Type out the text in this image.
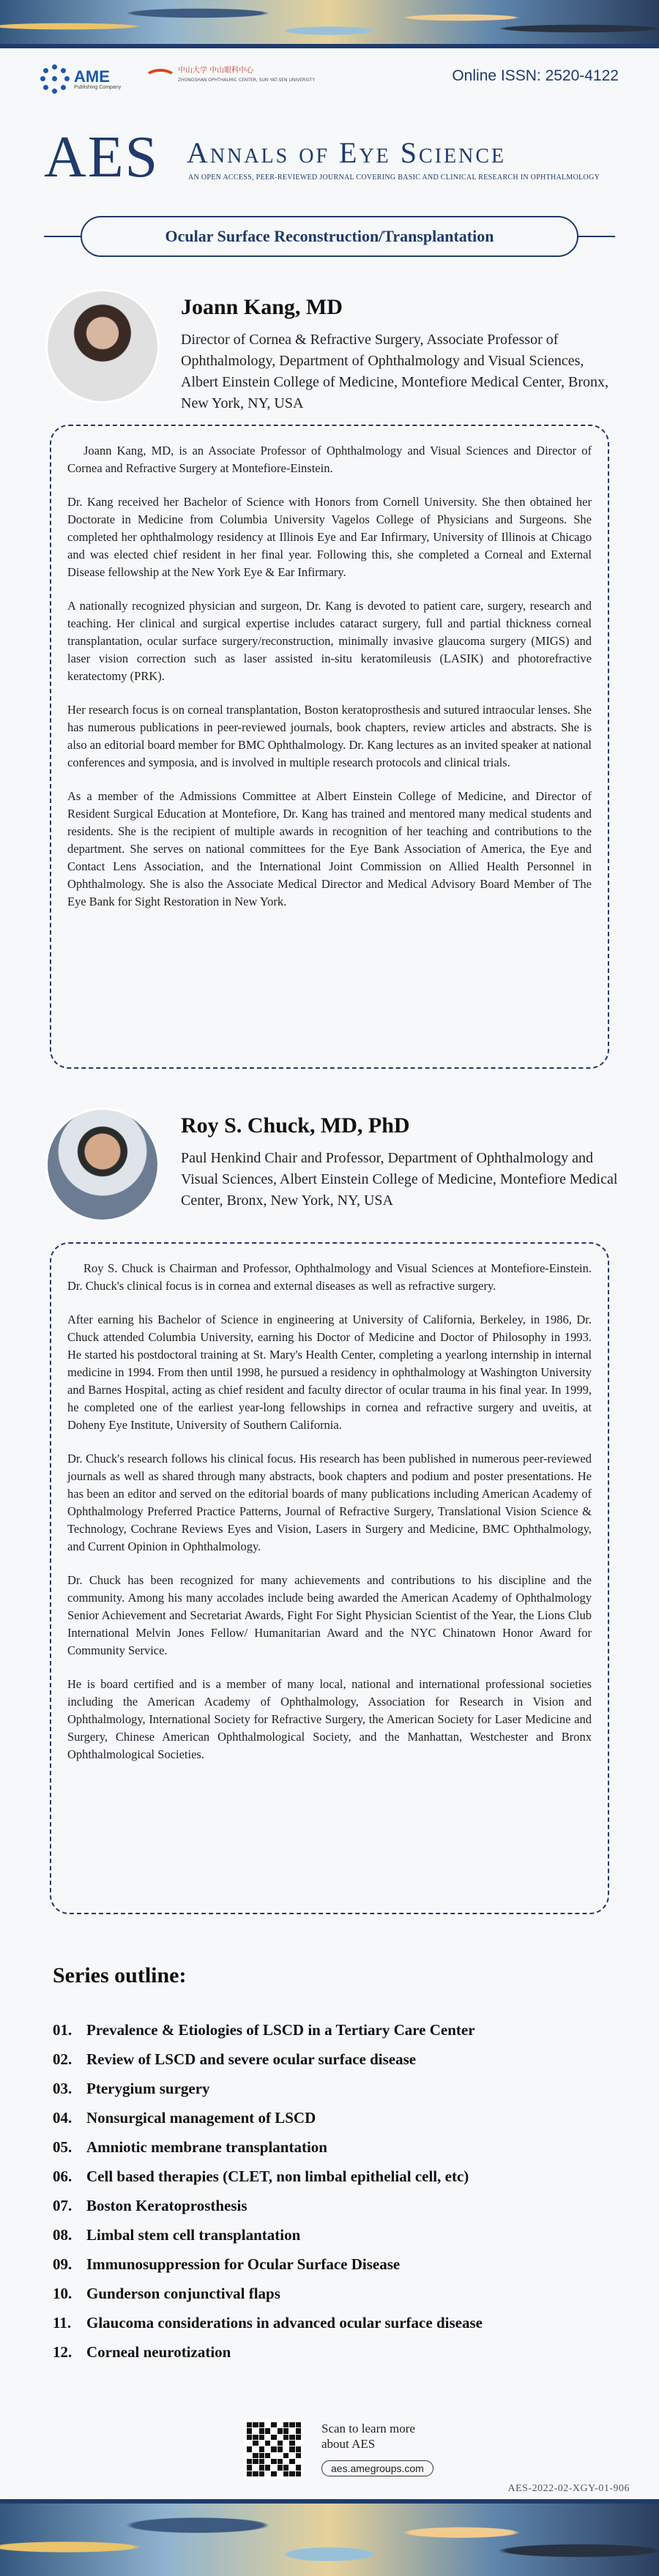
AME
Publishing Company
中山大学 中山眼科中心
ZHONGSHAN OPHTHALMIC CENTER, SUN YAT-SEN UNIVERSITY	Online ISSN: 2520-4122
AES Annals of Eye Science
AN OPEN ACCESS, PEER-REVIEWED JOURNAL COVERING BASIC AND CLINICAL RESEARCH IN OPHTHALMOLOGY
Ocular Surface Reconstruction/Transplantation
Joann Kang, MD
Director of Cornea & Refractive Surgery, Associate Professor of Ophthalmology, Department of Ophthalmology and Visual Sciences, Albert Einstein College of Medicine, Montefiore Medical Center, Bronx, New York, NY, USA

Joann Kang, MD, is an Associate Professor of Ophthalmology and Visual Sciences and Director of Cornea and Refractive Surgery at Montefiore-Einstein.

Dr. Kang received her Bachelor of Science with Honors from Cornell University. She then obtained her Doctorate in Medicine from Columbia University Vagelos College of Physicians and Surgeons. She completed her ophthalmology residency at Illinois Eye and Ear Infirmary, University of Illinois at Chicago and was elected chief resident in her final year. Following this, she completed a Corneal and External Disease fellowship at the New York Eye & Ear Infirmary.

A nationally recognized physician and surgeon, Dr. Kang is devoted to patient care, surgery, research and teaching. Her clinical and surgical expertise includes cataract surgery, full and partial thickness corneal transplantation, ocular surface surgery/reconstruction, minimally invasive glaucoma surgery (MIGS) and laser vision correction such as laser assisted in-situ keratomileusis (LASIK) and photorefractive keratectomy (PRK).

Her research focus is on corneal transplantation, Boston keratoprosthesis and sutured intraocular lenses. She has numerous publications in peer-reviewed journals, book chapters, review articles and abstracts. She is also an editorial board member for BMC Ophthalmology. Dr. Kang lectures as an invited speaker at national conferences and symposia, and is involved in multiple research protocols and clinical trials.

As a member of the Admissions Committee at Albert Einstein College of Medicine, and Director of Resident Surgical Education at Montefiore, Dr. Kang has trained and mentored many medical students and residents. She is the recipient of multiple awards in recognition of her teaching and contributions to the department. She serves on national committees for the Eye Bank Association of America, the Eye and Contact Lens Association, and the International Joint Commission on Allied Health Personnel in Ophthalmology. She is also the Associate Medical Director and Medical Advisory Board Member of The Eye Bank for Sight Restoration in New York.

Roy S. Chuck, MD, PhD
Paul Henkind Chair and Professor, Department of Ophthalmology and Visual Sciences, Albert Einstein College of Medicine, Montefiore Medical Center, Bronx, New York, NY, USA

Roy S. Chuck is Chairman and Professor, Ophthalmology and Visual Sciences at Montefiore-Einstein. Dr. Chuck's clinical focus is in cornea and external diseases as well as refractive surgery.

After earning his Bachelor of Science in engineering at University of California, Berkeley, in 1986, Dr. Chuck attended Columbia University, earning his Doctor of Medicine and Doctor of Philosophy in 1993. He started his postdoctoral training at St. Mary's Health Center, completing a yearlong internship in internal medicine in 1994. From then until 1998, he pursued a residency in ophthalmology at Washington University and Barnes Hospital, acting as chief resident and faculty director of ocular trauma in his final year. In 1999, he completed one of the earliest year-long fellowships in cornea and refractive surgery and uveitis, at Doheny Eye Institute, University of Southern California.

Dr. Chuck's research follows his clinical focus. His research has been published in numerous peer-reviewed journals as well as shared through many abstracts, book chapters and podium and poster presentations. He has been an editor and served on the editorial boards of many publications including American Academy of Ophthalmology Preferred Practice Patterns, Journal of Refractive Surgery, Translational Vision Science & Technology, Cochrane Reviews Eyes and Vision, Lasers in Surgery and Medicine, BMC Ophthalmology, and Current Opinion in Ophthalmology.

Dr. Chuck has been recognized for many achievements and contributions to his discipline and the community. Among his many accolades include being awarded the American Academy of Ophthalmology Senior Achievement and Secretariat Awards, Fight For Sight Physician Scientist of the Year, the Lions Club International Melvin Jones Fellow/ Humanitarian Award and the NYC Chinatown Honor Award for Community Service.

He is board certified and is a member of many local, national and international professional societies including the American Academy of Ophthalmology, Association for Research in Vision and Ophthalmology, International Society for Refractive Surgery, the American Society for Laser Medicine and Surgery, Chinese American Ophthalmological Society, and the Manhattan, Westchester and Bronx Ophthalmological Societies.

Series outline:
01. Prevalence & Etiologies of LSCD in a Tertiary Care Center
02. Review of LSCD and severe ocular surface disease
03. Pterygium surgery
04. Nonsurgical management of LSCD
05. Amniotic membrane transplantation
06. Cell based therapies (CLET, non limbal epithelial cell, etc)
07. Boston Keratoprosthesis
08. Limbal stem cell transplantation
09. Immunosuppression for Ocular Surface Disease
10. Gunderson conjunctival flaps
11. Glaucoma considerations in advanced ocular surface disease
12. Corneal neurotization
Scan to learn more
about AES
aes.amegroups.com
AES-2022-02-XGY-01-906
